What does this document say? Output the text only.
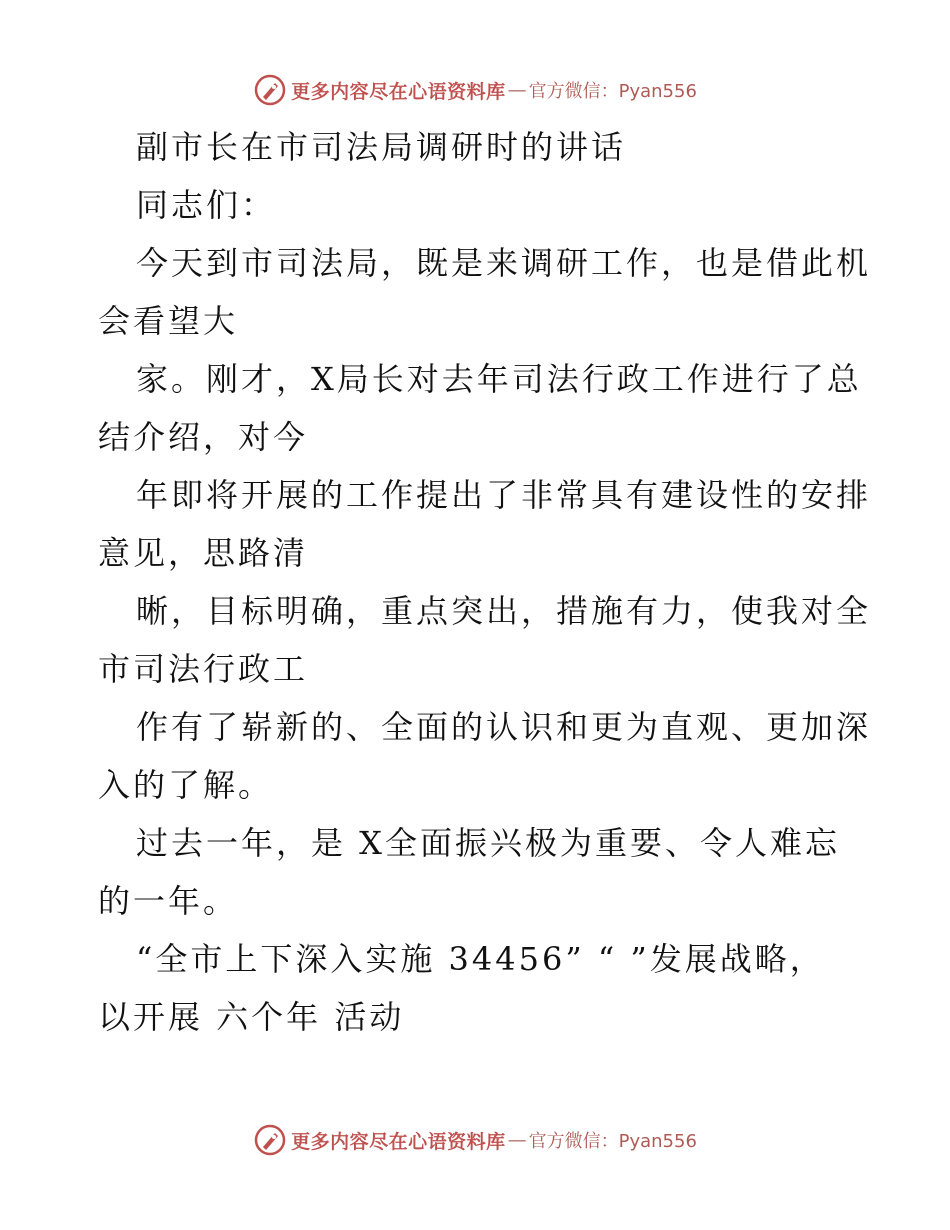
更多内容尽在心语资料库 — 官方微信：Pyan556
副市长在市司法局调研时的讲话
同志们：
今天到市司法局，既是来调研工作，也是借此机
会看望大
家。刚才，X局长对去年司法行政工作进行了总
结介绍，对今
年即将开展的工作提出了非常具有建设性的安排
意见，思路清
晰，目标明确，重点突出，措施有力，使我对全
市司法行政工
作有了崭新的、全面的认识和更为直观、更加深
入的了解。
过去一年，是 X全面振兴极为重要、令人难忘
的一年。
“全市上下深入实施 34456” “ ”发展战略，
以开展 六个年 活动
更多内容尽在心语资料库 — 官方微信：Pyan556
